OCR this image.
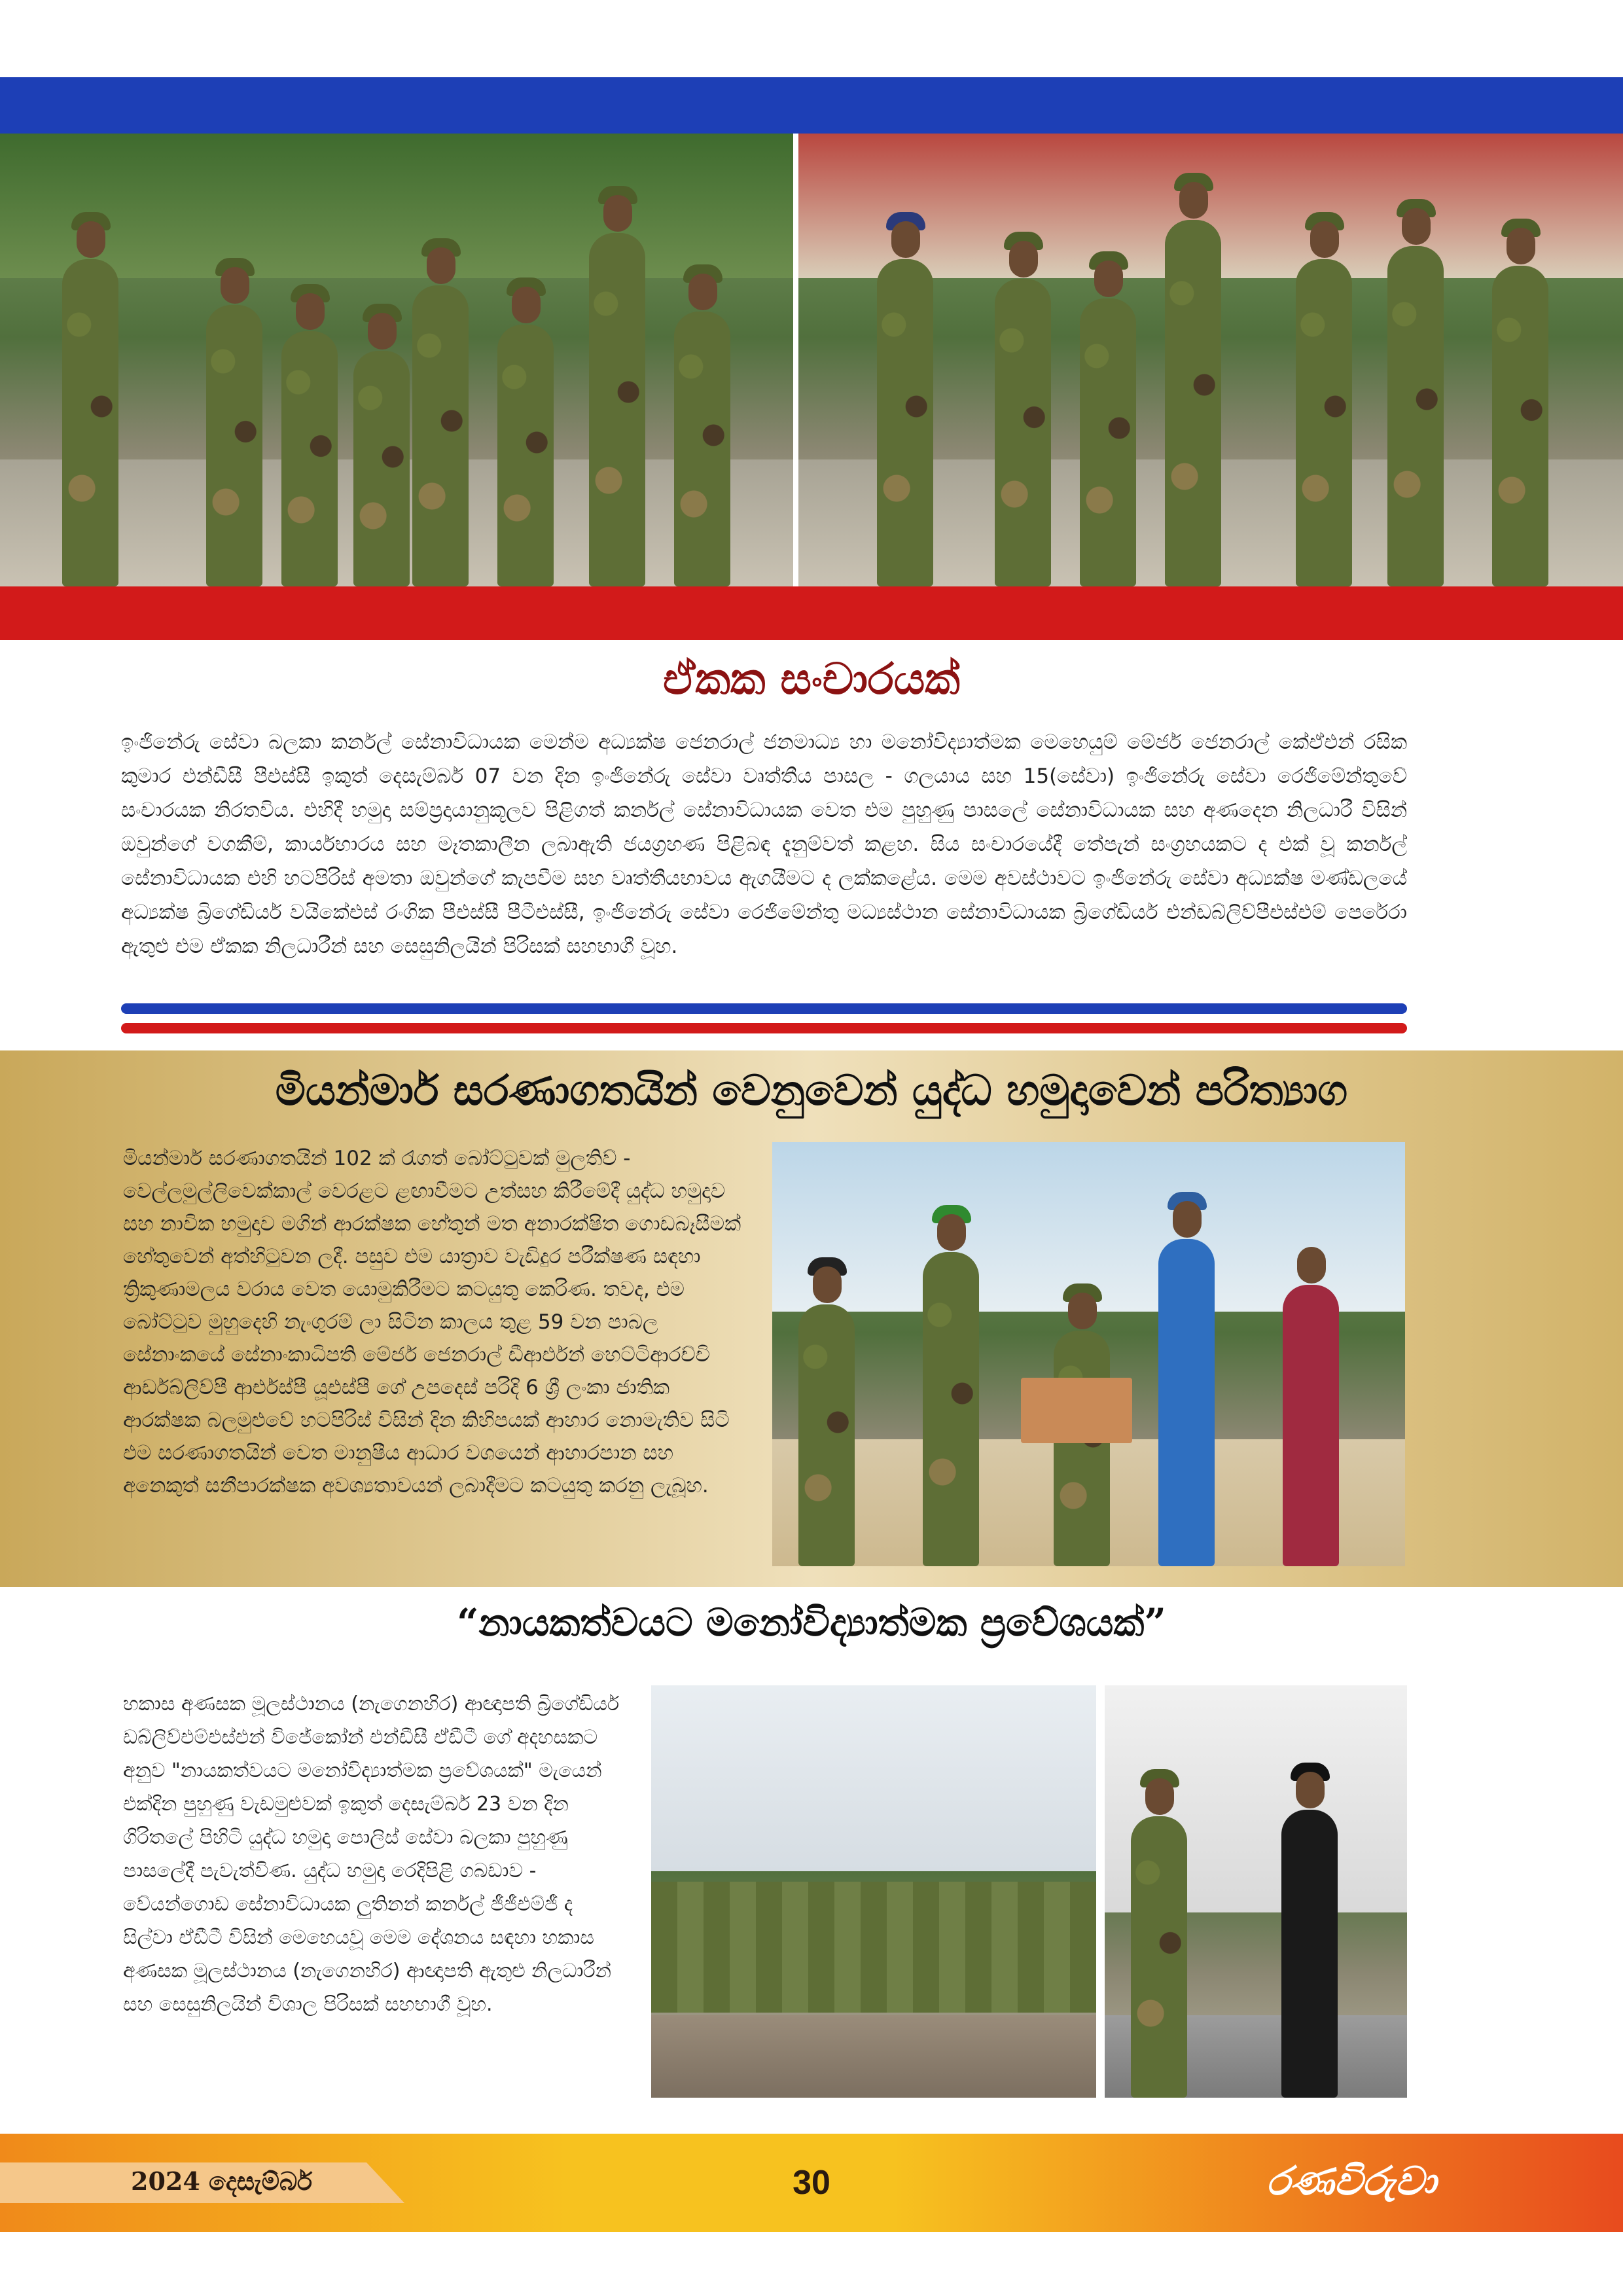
ඒකක සංචාරයක්
ඉංජිනේරු සේවා බලකා කර්නල් සේනාවිධායක මෙන්ම අධ්‍යක්ෂ ජෙනරාල් ජනමාධ්‍ය හා මනෝවිද්‍යාත්මක මෙහෙයුම් මේජර් ජෙනරාල් කේඒඑන් රසික කුමාර එන්ඩීසී පීඑස්සී ඉකුත් දෙසැම්බර් 07 වන දින ඉංජිනේරු සේවා වෘත්තීය පාසල - ගලයාය සහ 15(සේවා) ඉංජිනේරු සේවා රෙජිමේන්තුවේ සංචාරයක නිරතවිය. එහිදී හමුදා සම්ප්‍රදායානුකූලව පිළිගත් කර්නල් සේනාවිධායක වෙත එම පුහුණු පාසලේ සේනාවිධායක සහ අණදෙන නිලධාරී විසින් ඔවුන්ගේ වගකීම්, කාර්යභාරය සහ මෑතකාලීන ලබාඇති ජයග්‍රහණ පිළිබඳ දැනුම්වත් කළහ. සිය සංචාරයේදී තේපැන් සංග්‍රහයකට ද එක් වූ කර්නල් සේනාවිධායක එහි හටපිරිස් අමතා ඔවුන්ගේ කැපවීම සහ වෘත්තීයභාවය ඇගයීමට ද ලක්කළේය. මෙම අවස්ථාවට ඉංජිනේරු සේවා අධ්‍යක්ෂ මණ්ඩලයේ අධ්‍යක්ෂ බ්‍රිගේඩියර් වයිකේඑස් රංගික පීඑස්සී පීටීඑස්සී, ඉංජිනේරු සේවා රෙජිමේන්තු මධ්‍යස්ථාන සේනාවිධායක බ්‍රිගේඩියර් එන්ඩබ්ලිව්පීඑස්එම් පෙරේරා ඇතුළු එම ඒකක නිලධාරීන් සහ සෙසුනිලයින් පිරිසක් සහභාගී වූහ.
මියන්මාර් සරණාගතයින් වෙනුවෙන් යුද්ධ හමුදාවෙන් පරිත්‍යාග
මියන්මාර් සරණාගතයින් 102 ක් රැගත් බෝට්ටුවක් මුලතිව් - වෙල්ලමුල්ලිවෙක්කාල් වෙරළට ළඟාවීමට උත්සහ කිරීමේදී යුද්ධ හමුදාව සහ නාවික හමුදාව මගින් ආරක්ෂක හේතුන් මත අනාරක්ෂිත ගොඩබෑසීමක් හේතුවෙන් අත්හිටුවන ලදී. පසුව එම යාත්‍රාව වැඩිදුර පරීක්ෂණ සඳහා ත්‍රිකුණාමලය වරාය වෙත යොමුකිරීමට කටයුතු කෙරිණ. තවද, එම බෝට්ටුව මුහුදෙහි නැංගුරම් ලා සිටින කාලය තුළ 59 වන පාබල සේනාංකයේ සේනාංකාධිපති මේජර් ජෙනරාල් ඩීආර්එන් හෙට්ටිආරච්චි ආර්ඩබ්ලිව්පී ආර්එස්පී යූඑස්පී ගේ උපදෙස් පරිදි 6 ශ්‍රී ලංකා ජාතික ආරක්ෂක බලමුළුවේ හටපිරිස් විසින් දින කිහිපයක් ආහාර නොමැතිව සිටි එම සරණාගතයින් වෙත මානුෂීය ආධාර වශයෙන් ආහාරපාන සහ අනෙකුත් සනීපාරක්ෂක අවශ්‍යතාවයන් ලබාදීමට කටයුතු කරනු ලැබූහ.
“නායකත්වයට මනෝවිද්‍යාත්මක ප්‍රවේශයක්”
හකාස අණසක මූලස්ථානය (නැගෙනහිර) ආඥාපති බ්‍රිගේඩියර් ඩබ්ලිව්එම්එස්එන් විජේකෝන් එන්ඩීසී ඒඩීටී ගේ අදහසකට අනුව "නායකත්වයට මනෝවිද්‍යාත්මක ප්‍රවේශයක්" මැයෙන් එක්දින පුහුණු වැඩමුළුවක් ඉකුත් දෙසැම්බර් 23 වන දින ගිරිතලේ පිහිටි යුද්ධ හමුදා පොලිස් සේවා බලකා පුහුණු පාසලේදී පැවැත්විණ. යුද්ධ හමුදා රෙදිපිළි ගබඩාව - වේයන්ගොඩ සේනාවිධායක ලුතිනන් කර්නල් ජීජීඑම්ජී ද සිල්වා ඒඩීටී විසින් මෙහෙයවූ මෙම දේශනය සඳහා හකාස අණසක මූලස්ථානය (නැගෙනහිර) ආඥාපති ඇතුළු නිලධාරීන් සහ සෙසුනිලයින් විශාල පිරිසක් සහභාගී වූහ.
2024 දෙසැම්බර්	30	රණවිරුවා
